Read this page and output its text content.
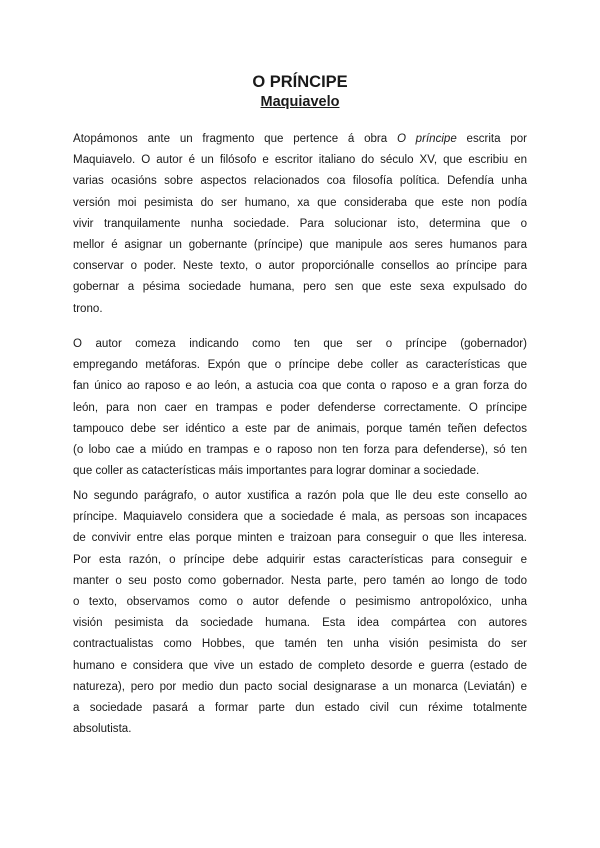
O PRÍNCIPE
Maquiavelo

Atopámonos ante un fragmento que pertence á obra O príncipe escrita por
Maquiavelo. O autor é un filósofo e escritor italiano do século XV, que escribiu en
varias ocasións sobre aspectos relacionados coa filosofía política. Defendía unha
versión moi pesimista do ser humano, xa que consideraba que este non podía
vivir tranquilamente nunha sociedade. Para solucionar isto, determina que o
mellor é asignar un gobernante (príncipe) que manipule aos seres humanos para
conservar o poder. Neste texto, o autor proporciónalle consellos ao príncipe para
gobernar a pésima sociedade humana, pero sen que este sexa expulsado do
trono.

O autor comeza indicando como ten que ser o príncipe (gobernador)
empregando metáforas. Expón que o príncipe debe coller as características que
fan único ao raposo e ao león, a astucia coa que conta o raposo e a gran forza do
león, para non caer en trampas e poder defenderse correctamente. O príncipe
tampouco debe ser idéntico a este par de animais, porque tamén teñen defectos
(o lobo cae a miúdo en trampas e o raposo non ten forza para defenderse), só ten
que coller as catacterísticas máis importantes para lograr dominar a sociedade.

No segundo parágrafo, o autor xustifica a razón pola que lle deu este consello ao
príncipe. Maquiavelo considera que a sociedade é mala, as persoas son incapaces
de convivir entre elas porque minten e traizoan para conseguir o que lles interesa.
Por esta razón, o príncipe debe adquirir estas características para conseguir e
manter o seu posto como gobernador. Nesta parte, pero tamén ao longo de todo
o texto, observamos como o autor defende o pesimismo antropolóxico, unha
visión pesimista da sociedade humana. Esta idea compártea con autores
contractualistas como Hobbes, que tamén ten unha visión pesimista do ser
humano e considera que vive un estado de completo desorde e guerra (estado de
natureza), pero por medio dun pacto social designarase a un monarca (Leviatán) e
a sociedade pasará a formar parte dun estado civil cun réxime totalmente
absolutista.
